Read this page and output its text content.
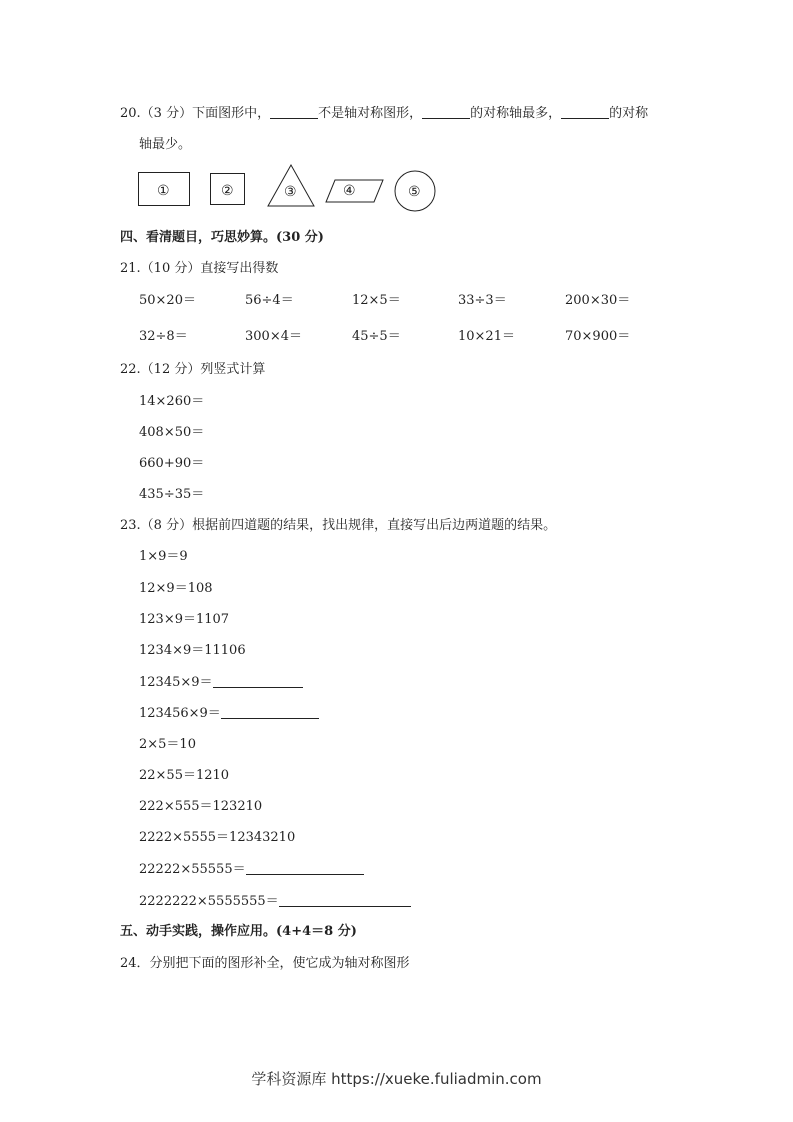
20.（3 分）下面图形中，	不是轴对称图形，	的对称轴最多，	的对称
轴最少。
①	②	③	④	⑤
四、看清题目，巧思妙算。(30 分)
21.（10 分）直接写出得数
50×20＝	56÷4＝	12×5＝	33÷3＝	200×30＝
32÷8＝	300×4＝	45÷5＝	10×21＝	70×900＝
22.（12 分）列竖式计算
14×260＝
408×50＝
660+90＝
435÷35＝
23.（8 分）根据前四道题的结果，找出规律，直接写出后边两道题的结果。
1×9＝9
12×9＝108
123×9＝1107
1234×9＝11106
12345×9＝
123456×9＝
2×5＝10
22×55＝1210
222×555＝123210
2222×5555＝12343210
22222×55555＝
2222222×5555555＝
五、动手实践，操作应用。(4+4＝8 分)
24．分别把下面的图形补全，使它成为轴对称图形
学科资源库 https://xueke.fuliadmin.com
